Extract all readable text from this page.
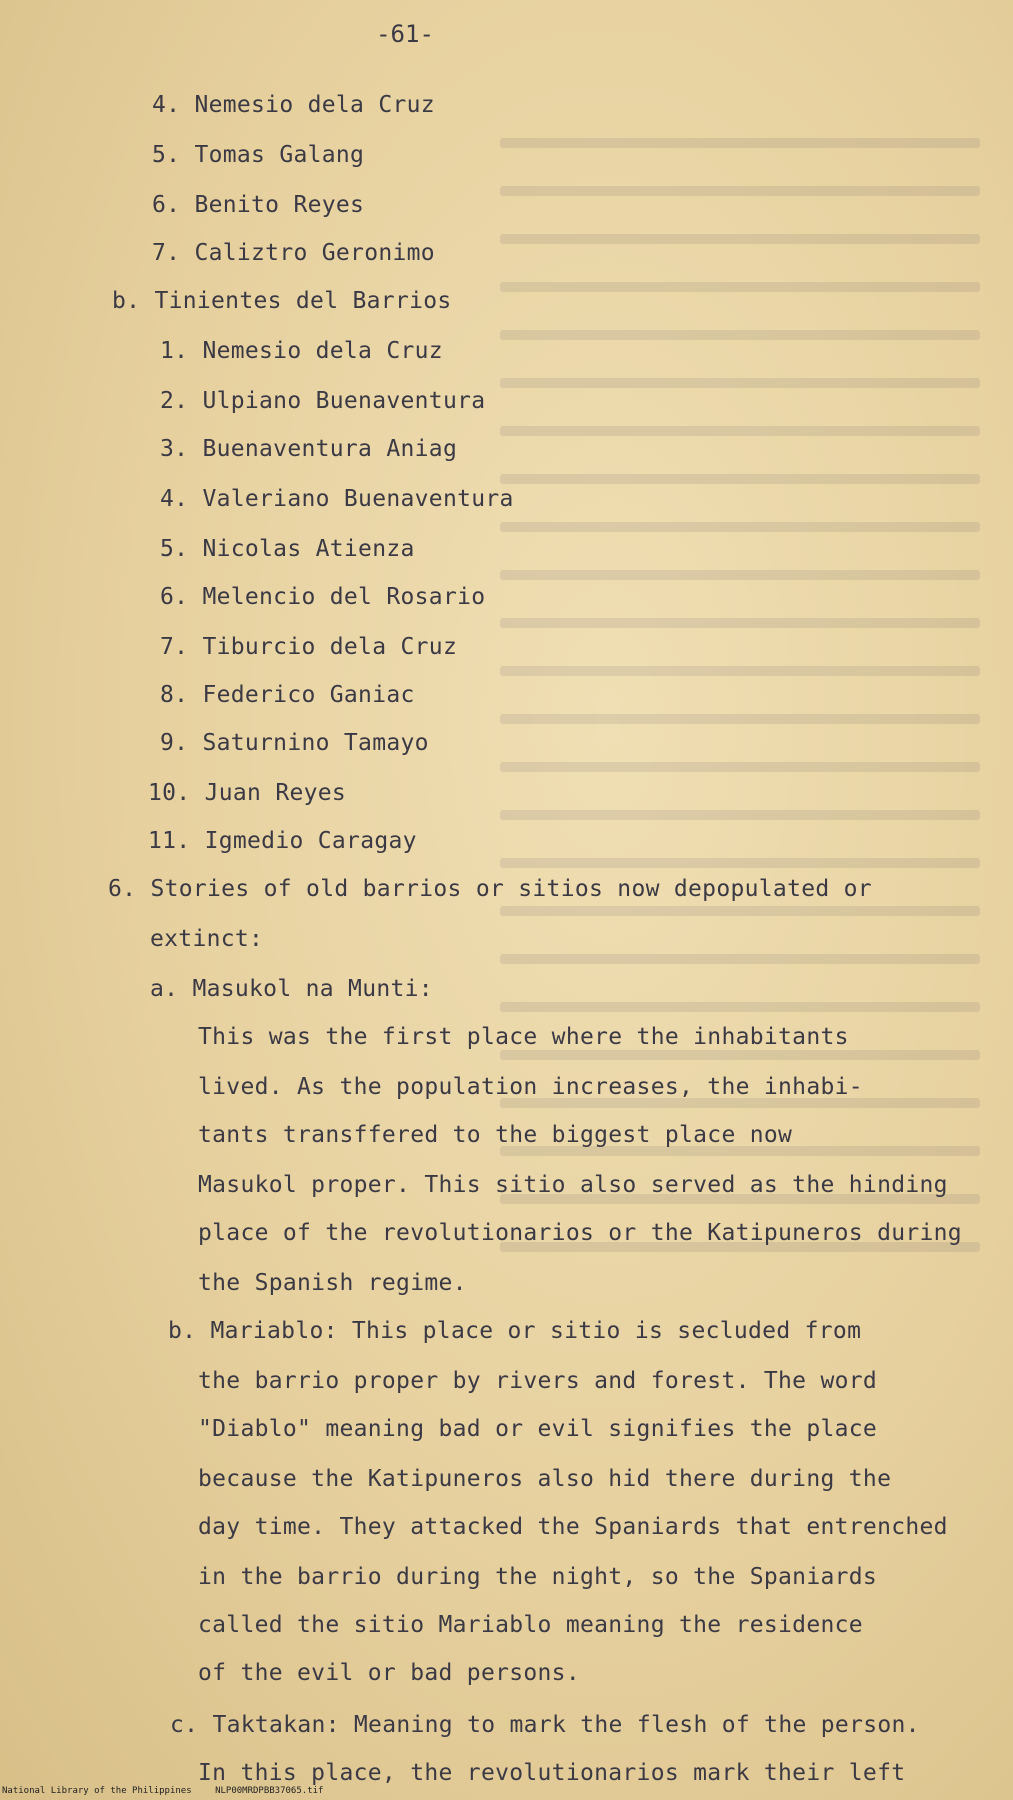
-61-
4. Nemesio dela Cruz
5. Tomas Galang
6. Benito Reyes
7. Caliztro Geronimo
b. Tinientes del Barrios
1. Nemesio dela Cruz
2. Ulpiano Buenaventura
3. Buenaventura Aniag
4. Valeriano Buenaventura
5. Nicolas Atienza
6. Melencio del Rosario
7. Tiburcio dela Cruz
8. Federico Ganiac
9. Saturnino Tamayo
10. Juan Reyes
11. Igmedio Caragay
6. Stories of old barrios or sitios now depopulated or
extinct:
a. Masukol na Munti:
This was the first place where the inhabitants
lived. As the population increases, the inhabi-
tants transffered to the biggest place now
Masukol proper. This sitio also served as the hinding
place of the revolutionarios or the Katipuneros during
the Spanish regime.
b. Mariablo: This place or sitio is secluded from
the barrio proper by rivers and forest. The word
"Diablo" meaning bad or evil signifies the place
because the Katipuneros also hid there during the
day time. They attacked the Spaniards that entrenched
in the barrio during the night, so the Spaniards
called the sitio Mariablo meaning the residence
of the evil or bad persons.
c. Taktakan: Meaning to mark the flesh of the person.
In this place, the revolutionarios mark their left
National Library of the Philippines	NLP00MRDPBB37065.tif
